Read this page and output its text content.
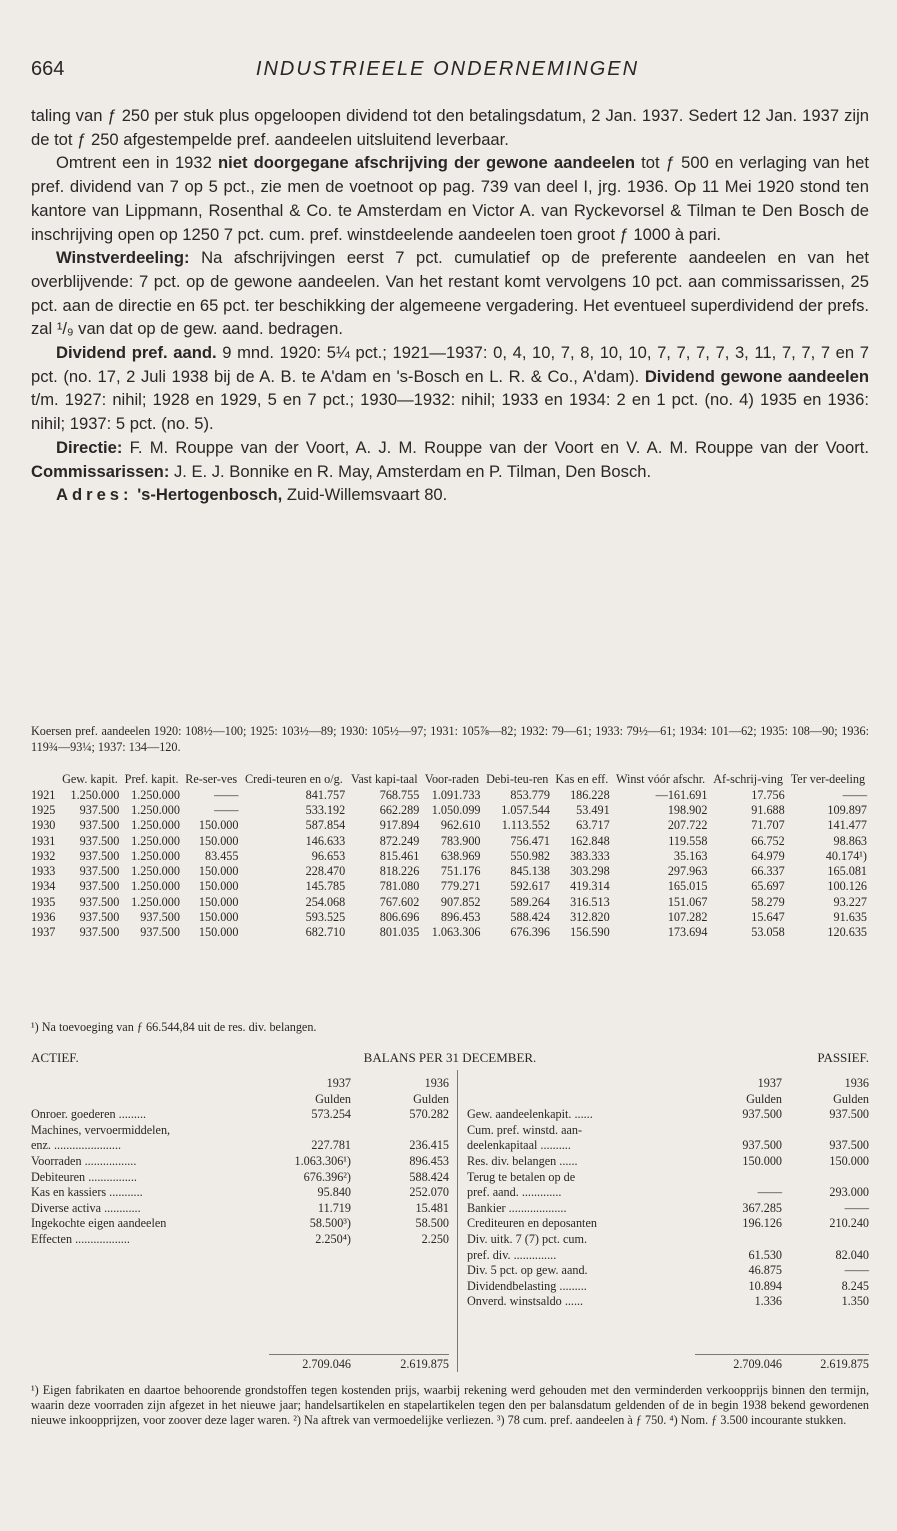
664	INDUSTRIEELE ONDERNEMINGEN

taling van ƒ 250 per stuk plus opgeloopen dividend tot den betalingsdatum, 2 Jan. 1937. Sedert 12 Jan. 1937 zijn de tot ƒ 250 afgestempelde pref. aandeelen uitsluitend leverbaar.

Omtrent een in 1932 niet doorgegane afschrijving der gewone aandeelen tot ƒ 500 en verlaging van het pref. dividend van 7 op 5 pct., zie men de voetnoot op pag. 739 van deel I, jrg. 1936. Op 11 Mei 1920 stond ten kantore van Lippmann, Rosenthal & Co. te Amsterdam en Victor A. van Ryckevorsel & Tilman te Den Bosch de inschrijving open op 1250 7 pct. cum. pref. winstdeelende aandeelen toen groot ƒ 1000 à pari.

Winstverdeeling: Na afschrijvingen eerst 7 pct. cumulatief op de preferente aandeelen en van het overblijvende: 7 pct. op de gewone aandeelen. Van het restant komt vervolgens 10 pct. aan commissarissen, 25 pct. aan de directie en 65 pct. ter beschikking der algemeene vergadering. Het eventueel superdividend der prefs. zal ¹/₉ van dat op de gew. aand. bedragen.

Dividend pref. aand. 9 mnd. 1920: 5¼ pct.; 1921—1937: 0, 4, 10, 7, 8, 10, 10, 7, 7, 7, 7, 3, 11, 7, 7, 7 en 7 pct. (no. 17, 2 Juli 1938 bij de A. B. te A'dam en 's-Bosch en L. R. & Co., A'dam). Dividend gewone aandeelen t/m. 1927: nihil; 1928 en 1929, 5 en 7 pct.; 1930—1932: nihil; 1933 en 1934: 2 en 1 pct. (no. 4) 1935 en 1936: nihil; 1937: 5 pct. (no. 5).

Directie: F. M. Rouppe van der Voort, A. J. M. Rouppe van der Voort en V. A. M. Rouppe van der Voort. Commissarissen: J. E. J. Bonnike en R. May, Amsterdam en P. Tilman, Den Bosch.

Adres: 's-Hertogenbosch, Zuid-Willemsvaart 80.

Koersen pref. aandeelen 1920: 108½—100; 1925: 103½—89; 1930: 105½—97; 1931: 105⅞—82; 1932: 79—61; 1933: 79½—61; 1934: 101—62; 1935: 108—90; 1936: 119¾—93¼; 1937: 134—120.
	Gew. kapit.	Pref. kapit.	Re-ser-ves	Credi-teuren en o/g.	Vast kapi-taal	Voor-raden	Debi-teu-ren	Kas en eff.	Winst vóór afschr.	Af-schrij-ving	Ter ver-deeling
1921	1.250.000	1.250.000	——	841.757	768.755	1.091.733	853.779	186.228	—161.691	17.756	——
1925	937.500	1.250.000	——	533.192	662.289	1.050.099	1.057.544	53.491	198.902	91.688	109.897
1930	937.500	1.250.000	150.000	587.854	917.894	962.610	1.113.552	63.717	207.722	71.707	141.477
1931	937.500	1.250.000	150.000	146.633	872.249	783.900	756.471	162.848	119.558	66.752	98.863
1932	937.500	1.250.000	83.455	96.653	815.461	638.969	550.982	383.333	35.163	64.979	40.174¹)
1933	937.500	1.250.000	150.000	228.470	818.226	751.176	845.138	303.298	297.963	66.337	165.081
1934	937.500	1.250.000	150.000	145.785	781.080	779.271	592.617	419.314	165.015	65.697	100.126
1935	937.500	1.250.000	150.000	254.068	767.602	907.852	589.264	316.513	151.067	58.279	93.227
1936	937.500	937.500	150.000	593.525	806.696	896.453	588.424	312.820	107.282	15.647	91.635
1937	937.500	937.500	150.000	682.710	801.035	1.063.306	676.396	156.590	173.694	53.058	120.635
¹) Na toevoeging van ƒ 66.544,84 uit de res. div. belangen.
ACTIEF.	BALANS PER 31 DECEMBER.	PASSIEF.
	1937	1936
	Gulden	Gulden
Onroer. goederen .........	573.254	570.282
Machines, vervoermiddelen,		
enz. ......................	227.781	236.415
Voorraden .................	1.063.306¹)	896.453
Debiteuren ................	676.396²)	588.424
Kas en kassiers ...........	95.840	252.070
Diverse activa ............	11.719	15.481
Ingekochte eigen aandeelen	58.500³)	58.500
Effecten ..................	2.250⁴)	2.250
	1937	1936
	Gulden	Gulden
Gew. aandeelenkapit. ......	937.500	937.500
Cum. pref. winstd. aan-		
deelenkapitaal ..........	937.500	937.500
Res. div. belangen ......	150.000	150.000
Terug te betalen op de		
pref. aand. .............	——	293.000
Bankier ...................	367.285	——
Crediteuren en deposanten	196.126	210.240
Div. uitk. 7 (7) pct. cum.		
pref. div. ..............	61.530	82.040
Div. 5 pct. op gew. aand.	46.875	——
Dividendbelasting .........	10.894	8.245
Onverd. winstsaldo ......	1.336	1.350
2.709.046	2.619.875	2.709.046	2.619.875
¹) Eigen fabrikaten en daartoe behoorende grondstoffen tegen kostenden prijs, waarbij rekening werd gehouden met den verminderden verkoopprijs binnen den termijn, waarin deze voorraden zijn afgezet in het nieuwe jaar; handelsartikelen en stapelartikelen tegen den per balansdatum geldenden of de in begin 1938 bekend gewordenen nieuwe inkoopprijzen, voor zoover deze lager waren. ²) Na aftrek van vermoedelijke verliezen. ³) 78 cum. pref. aandeelen à ƒ 750. ⁴) Nom. ƒ 3.500 incourante stukken.
